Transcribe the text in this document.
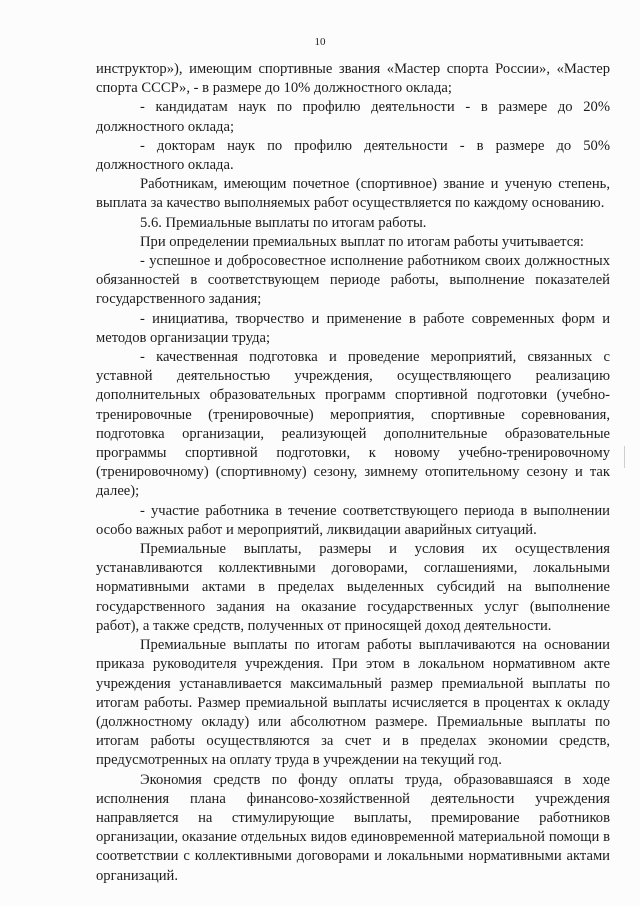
10

инструктор»), имеющим спортивные звания «Мастер спорта России», «Мастер спорта СССР», - в размере до 10% должностного оклада;

- кандидатам наук по профилю деятельности - в размере до 20% должностного оклада;

- докторам наук по профилю деятельности - в размере до 50% должностного оклада.

Работникам, имеющим почетное (спортивное) звание и ученую степень, выплата за качество выполняемых работ осуществляется по каждому основанию.

5.6. Премиальные выплаты по итогам работы.

При определении премиальных выплат по итогам работы учитывается:

- успешное и добросовестное исполнение работником своих должностных обязанностей в соответствующем периоде работы, выполнение показателей государственного задания;

- инициатива, творчество и применение в работе современных форм и методов организации труда;

- качественная подготовка и проведение мероприятий, связанных с уставной деятельностью учреждения, осуществляющего реализацию дополнительных образовательных программ спортивной подготовки (учебно-тренировочные (тренировочные) мероприятия, спортивные соревнования, подготовка организации, реализующей дополнительные образовательные программы спортивной подготовки, к новому учебно-тренировочному (тренировочному) (спортивному) сезону, зимнему отопительному сезону и так далее);

- участие работника в течение соответствующего периода в выполнении особо важных работ и мероприятий, ликвидации аварийных ситуаций.

Премиальные выплаты, размеры и условия их осуществления устанавливаются коллективными договорами, соглашениями, локальными нормативными актами в пределах выделенных субсидий на выполнение государственного задания на оказание государственных услуг (выполнение работ), а также средств, полученных от приносящей доход деятельности.

Премиальные выплаты по итогам работы выплачиваются на основании приказа руководителя учреждения. При этом в локальном нормативном акте учреждения устанавливается максимальный размер премиальной выплаты по итогам работы. Размер премиальной выплаты исчисляется в процентах к окладу (должностному окладу) или абсолютном размере. Премиальные выплаты по итогам работы осуществляются за счет и в пределах экономии средств, предусмотренных на оплату труда в учреждении на текущий год.

Экономия средств по фонду оплаты труда, образовавшаяся в ходе исполнения плана финансово-хозяйственной деятельности учреждения направляется на стимулирующие выплаты, премирование работников организации, оказание отдельных видов единовременной материальной помощи в соответствии с коллективными договорами и локальными нормативными актами организаций.
